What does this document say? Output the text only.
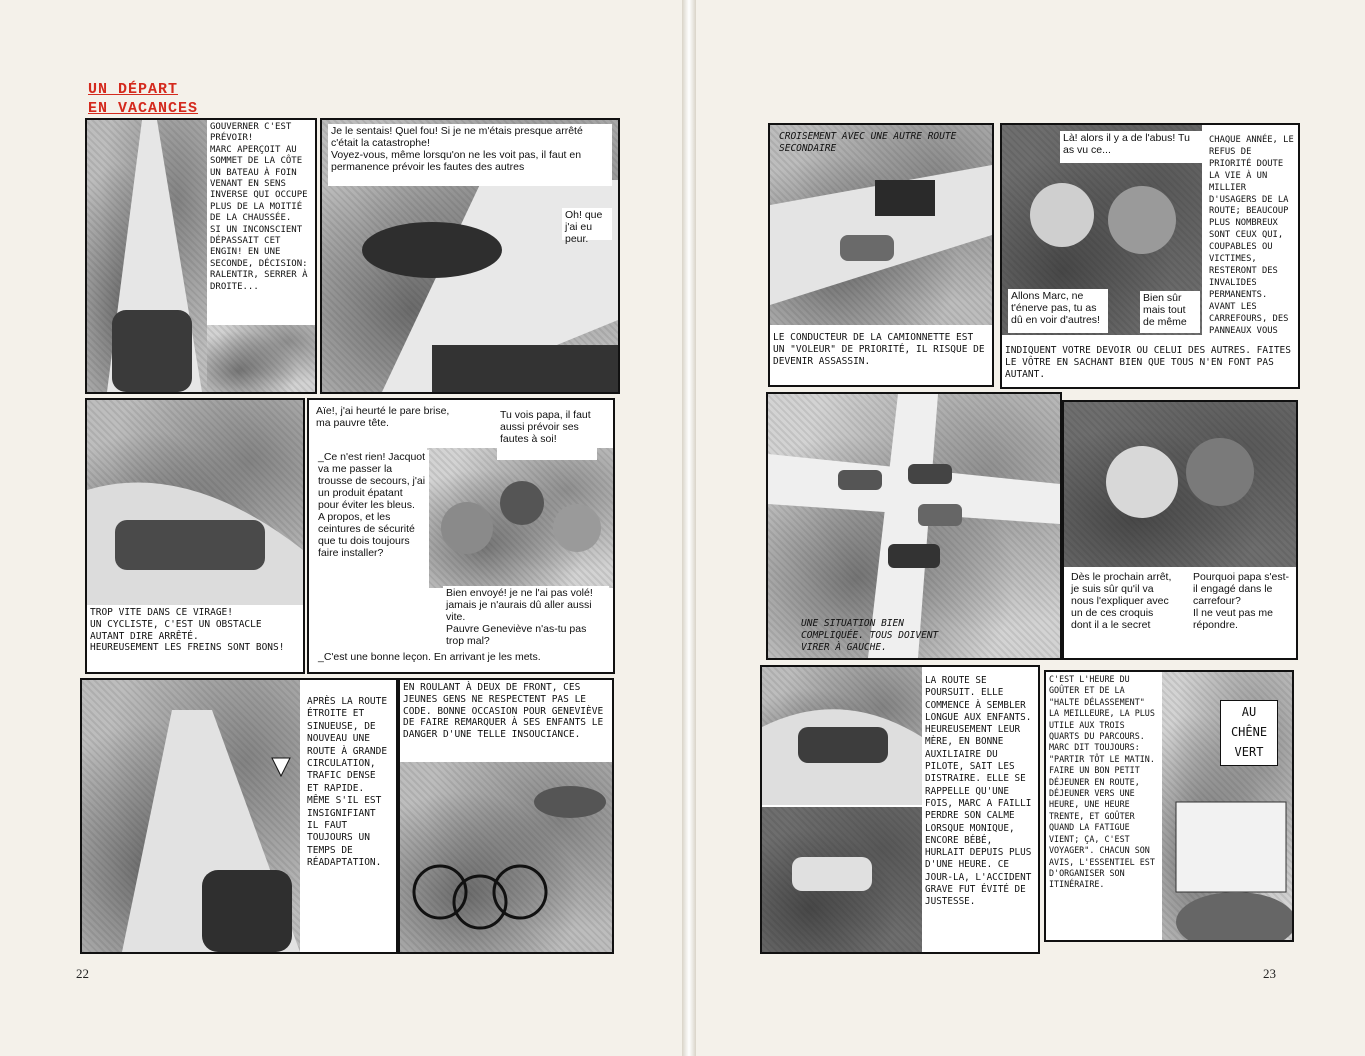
UN DÉPART
EN VACANCES
GOUVERNER C'EST PRÉVOIR!
MARC APERÇOIT AU SOMMET DE LA CÔTE UN BATEAU À FOIN VENANT EN SENS INVERSE QUI OCCUPE PLUS DE LA MOITIÉ DE LA CHAUSSÉE.
SI UN INCONSCIENT DÉPASSAIT CET ENGIN! EN UNE SECONDE, DÉCISION: RALENTIR, SERRER À DROITE...
Je le sentais! Quel fou! Si je ne m'étais presque arrêté c'était la catastrophe!
Voyez-vous, même lorsqu'on ne les voit pas, il faut en permanence prévoir les fautes des autres
Oh! que j'ai eu peur.
TROP VITE DANS CE VIRAGE!
UN CYCLISTE, C'EST UN OBSTACLE AUTANT DIRE ARRÊTÉ.
HEUREUSEMENT LES FREINS SONT BONS!
Aïe!, j'ai heurté le pare brise, ma pauvre tête.
Tu vois papa, il faut aussi prévoir ses fautes à soi!
_Ce n'est rien! Jacquot va me passer la trousse de secours, j'ai un produit épatant pour éviter les bleus.
A propos, et les ceintures de sécurité que tu dois toujours faire installer?
Bien envoyé! je ne l'ai pas volé! jamais je n'aurais dû aller aussi vite.
Pauvre Geneviève n'as-tu pas trop mal?
_C'est une bonne leçon. En arrivant je les mets.
APRÈS LA ROUTE ÉTROITE ET SINUEUSE, DE NOUVEAU UNE ROUTE À GRANDE CIRCULATION, TRAFIC DENSE ET RAPIDE. MÊME S'IL EST INSIGNIFIANT IL FAUT TOUJOURS UN TEMPS DE RÉADAPTATION.
EN ROULANT À DEUX DE FRONT, CES JEUNES GENS NE RESPECTENT PAS LE CODE. BONNE OCCASION POUR GENEVIÈVE DE FAIRE REMARQUER À SES ENFANTS LE DANGER D'UNE TELLE INSOUCIANCE.
22
CROISEMENT AVEC UNE AUTRE ROUTE SECONDAIRE
LE CONDUCTEUR DE LA CAMIONNETTE EST UN "VOLEUR" DE PRIORITÉ, IL RISQUE DE DEVENIR ASSASSIN.
Là! alors il y a de l'abus! Tu as vu ce...
Allons Marc, ne t'énerve pas, tu as dû en voir d'autres!
Bien sûr mais tout de même
CHAQUE ANNÉE, LE REFUS DE PRIORITÉ DOUTE LA VIE À UN MILLIER D'USAGERS DE LA ROUTE; BEAUCOUP PLUS NOMBREUX SONT CEUX QUI, COUPABLES OU VICTIMES, RESTERONT DES INVALIDES PERMANENTS. AVANT LES CARREFOURS, DES PANNEAUX VOUS
INDIQUENT VOTRE DEVOIR OU CELUI DES AUTRES. FAITES LE VÔTRE EN SACHANT BIEN QUE TOUS N'EN FONT PAS AUTANT.
UNE SITUATION BIEN COMPLIQUÉE. TOUS DOIVENT VIRER À GAUCHE.
Dès le prochain arrêt, je suis sûr qu'il va nous l'expliquer avec un de ces croquis dont il a le secret
Pourquoi papa s'est-il engagé dans le carrefour?
Il ne veut pas me répondre.
LA ROUTE SE POURSUIT. ELLE COMMENCE À SEMBLER LONGUE AUX ENFANTS. HEUREUSEMENT LEUR MÈRE, EN BONNE AUXILIAIRE DU PILOTE, SAIT LES DISTRAIRE. ELLE SE RAPPELLE QU'UNE FOIS, MARC A FAILLI PERDRE SON CALME LORSQUE MONIQUE, ENCORE BÉBÉ, HURLAIT DEPUIS PLUS D'UNE HEURE. CE JOUR-LA, L'ACCIDENT GRAVE FUT ÉVITÉ DE JUSTESSE.
AU CHÊNE VERT
C'EST L'HEURE DU GOÛTER ET DE LA "HALTE DÉLASSEMENT" LA MEILLEURE, LA PLUS UTILE AUX TROIS QUARTS DU PARCOURS. MARC DIT TOUJOURS: "PARTIR TÔT LE MATIN. FAIRE UN BON PETIT DÉJEUNER EN ROUTE, DÉJEUNER VERS UNE HEURE, UNE HEURE TRENTE, ET GOÛTER QUAND LA FATIGUE VIENT; ÇA, C'EST VOYAGER". CHACUN SON AVIS, L'ESSENTIEL EST D'ORGANISER SON ITINÉRAIRE.
23
